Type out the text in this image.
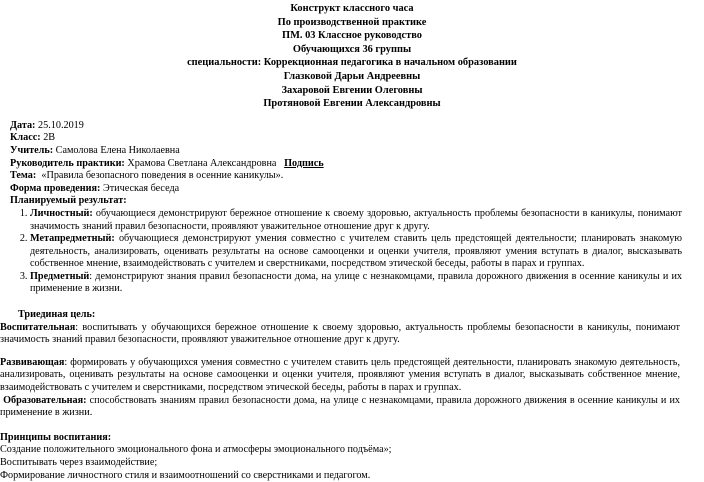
Конструкт классного часа
По производственной практике
ПМ. 03 Классное руководство
Обучающихся 36 группы
специальности: Коррекционная педагогика в начальном образовании
Глазковой Дарьи Андреевны
Захаровой Евгении Олеговны
Протяновой Евгении Александровны
Дата: 25.10.2019
Класс: 2В
Учитель: Самолова Елена Николаевна
Руководитель практики: Храмова Светлана Александровна   Подпись
Тема:  «Правила безопасного поведения в осенние каникулы».
Форма проведения: Этическая беседа
Планируемый результат:
1. Личностный: обучающиеся демонстрируют бережное отношение к своему здоровью, актуальность проблемы безопасности в каникулы, понимают значимость знаний правил безопасности, проявляют уважительное отношение друг к другу.
2. Метапредметный: обучающиеся демонстрируют умения совместно с учителем ставить цель предстоящей деятельности; планировать знакомую деятельность, анализировать, оценивать результаты на основе самооценки и оценки учителя, проявляют умения вступать в диалог, высказывать собственное мнение, взаимодействовать с учителем и сверстниками, посредством этической беседы, работы в парах и группах.
3. Предметный: демонстрируют знания правил безопасности дома, на улице с незнакомцами, правила дорожного движения в осенние каникулы и их применение в жизни.
Триединая цель:
Воспитательная: воспитывать у обучающихся бережное отношение к своему здоровью, актуальность проблемы безопасности в каникулы, понимают значимость знаний правил безопасности, проявляют уважительное отношение друг к другу.
Развивающая: формировать у обучающихся умения совместно с учителем ставить цель предстоящей деятельности, планировать знакомую деятельность, анализировать, оценивать результаты на основе самооценки и оценки учителя, проявляют умения вступать в диалог, высказывать собственное мнение, взаимодействовать с учителем и сверстниками, посредством этической беседы, работы в парах и группах.
Образовательная: способствовать знаниям правил безопасности дома, на улице с незнакомцами, правила дорожного движения в осенние каникулы и их применение в жизни.
Принципы воспитания:
Создание положительного эмоционального фона и атмосферы эмоционального подъёма»;
Воспитывать через взаимодействие;
Формирование личностного стиля и взаимоотношений со сверстниками и педагогом.
